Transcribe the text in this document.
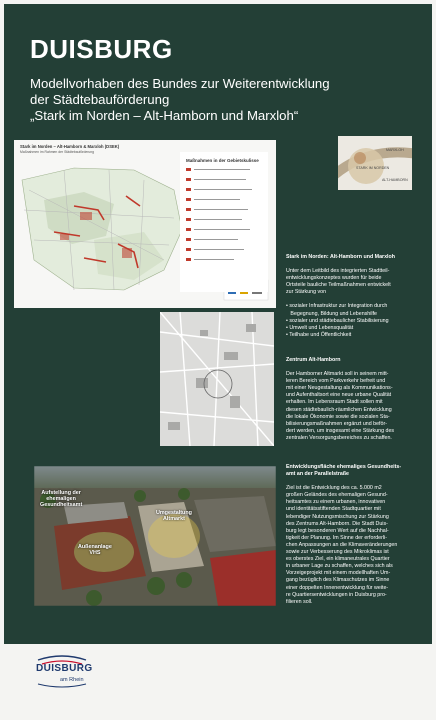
DUISBURG
Modellvorhaben des Bundes zur Weiterentwicklung
der Städtebauförderung
„Stark im Norden – Alt-Hamborn und Marxloh“
Stark im Norden – Alt-Hamborn & Marxloh (DSEK)
Maßnahmen im Rahmen der Städtebauförderung
Maßnahmen in der Gebietskulisse
MARXLOH
STARK IM NORDEN
ALT-HAMBORN
Aufstellung der
ehemaligen
Gesundheitsamt
Außenanlage
VHS
Umgestaltung
Altmarkt
Stark im Norden: Alt-Hamborn und Marxloh
Unter dem Leitbild des integrierten Stadtteil-
entwicklungskonzeptes wurden für beide
Ortsteile bauliche Teilmaßnahmen entwickelt
zur Stärkung von
• sozialer Infrastruktur zur Integration durch
Begegnung, Bildung und Lebenshilfe
• sozialer und städtebaulicher Stabilisierung
• Umwelt und Lebensqualität
• Teilhabe und Öffentlichkeit
Zentrum Alt-Hamborn
Der Hamborner Altmarkt soll in seinem mitt-
leren Bereich vom Parkverkehr befreit und
mit einer Neugestaltung als Kommunikations-
und Aufenthaltsort eine neue urbane Qualität
erhalten. Im Lebensraum Stadt sollen mit
diesen städtebaulich-räumlichen Entwicklung
die lokale Ökonomie sowie die sozialen Sta-
bilisierungsmaßnahmen ergänzt und beför-
dert werden, um insgesamt eine Stärkung des
zentralen Versorgungsbereiches zu schaffen.
Entwicklungsfläche ehemaliges Gesundheits-
amt an der Parallelstraße
Ziel ist die Entwicklung des ca. 5.000 m2
großen Geländes des ehemaligen Gesund-
heitsamtes zu einem urbanen, innovativen
und identitätsstiftenden Stadtquartier mit
lebendiger Nutzungsmischung zur Stärkung
des Zentrums Alt-Hamborn. Die Stadt Duis-
burg legt besonderen Wert auf die Nachhal-
tigkeit der Planung. Im Sinne der erforderli-
chen Anpassungen an die Klimaveränderungen
sowie zur Verbesserung des Mikroklimas ist
es oberstes Ziel, ein klimaneutrales Quartier
in urbaner Lage zu schaffen, welches sich als
Vorzeigeprojekt mit einem modellhaften Um-
gang bezüglich des Klimaschutzes im Sinne
einer doppelten Innenentwicklung für weite-
re Quartiersentwicklungen in Duisburg pro-
filieren soll.
DUISBURG
am Rhein
